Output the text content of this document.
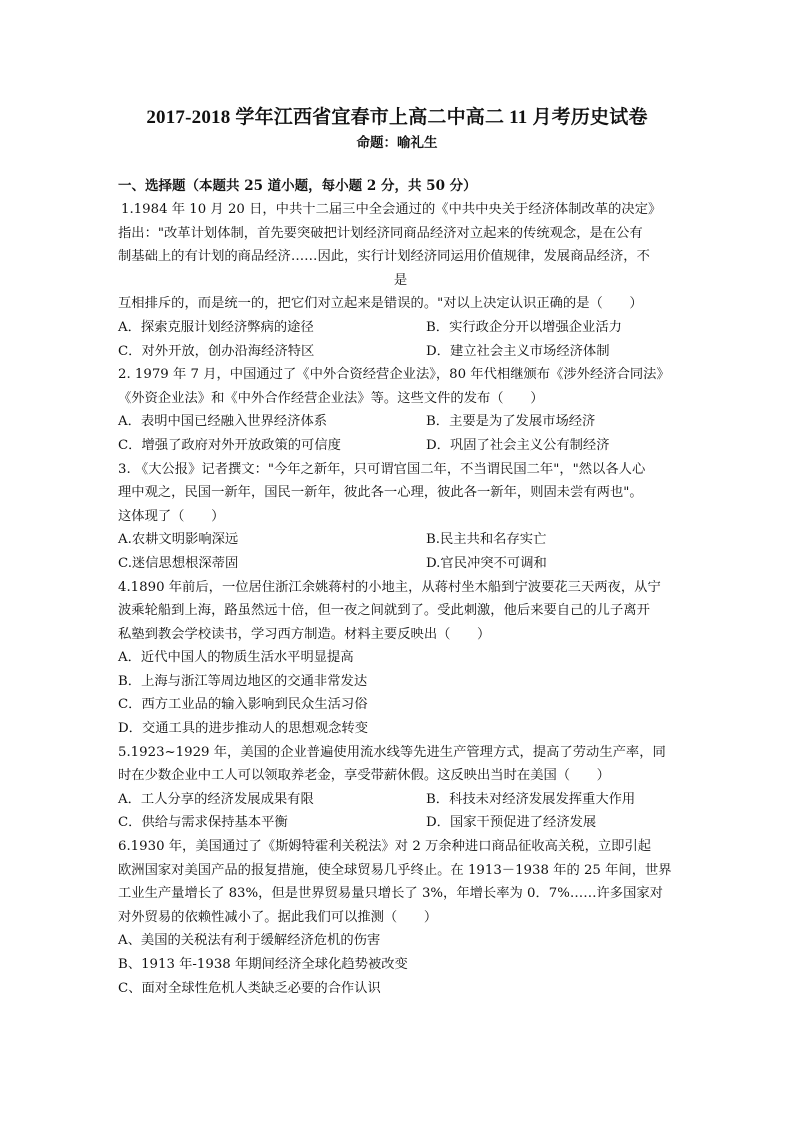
2017-2018 学年江西省宜春市上高二中高二 11 月考历史试卷
命题：喻礼生
一、选择题（本题共 25 道小题，每小题 2 分，共 50 分）
1.1984 年 10 月 20 日，中共十二届三中全会通过的《中共中央关于经济体制改革的决定》
指出："改革计划体制，首先要突破把计划经济同商品经济对立起来的传统观念，是在公有
制基础上的有计划的商品经济……因此，实行计划经济同运用价值规律，发展商品经济，不
是
互相排斥的，而是统一的，把它们对立起来是错误的。"对以上决定认识正确的是（　　）
A．探索克服计划经济弊病的途径	B．实行政企分开以增强企业活力
C．对外开放，创办沿海经济特区	D．建立社会主义市场经济体制
2. 1979 年 7 月，中国通过了《中外合资经营企业法》，80 年代相继颁布《涉外经济合同法》
《外资企业法》和《中外合作经营企业法》等。这些文件的发布（　　）
A．表明中国已经融入世界经济体系	B．主要是为了发展市场经济
C．增强了政府对外开放政策的可信度	D．巩固了社会主义公有制经济
3. 《大公报》记者撰文："今年之新年，只可谓官国二年，不当谓民国二年"，"然以各人心
理中观之，民国一新年，国民一新年，彼此各一心理，彼此各一新年，则固未尝有两也"。
这体现了（　　）
A.农耕文明影响深远	B.民主共和名存实亡
C.迷信思想根深蒂固	D.官民冲突不可调和
4.1890 年前后，一位居住浙江余姚蒋村的小地主，从蒋村坐木船到宁波要花三天两夜，从宁
波乘轮船到上海，路虽然远十倍，但一夜之间就到了。受此刺激，他后来要自己的儿子离开
私塾到教会学校读书，学习西方制造。材料主要反映出（　　）
A．近代中国人的物质生活水平明显提高
B．上海与浙江等周边地区的交通非常发达
C．西方工业品的输入影响到民众生活习俗
D．交通工具的进步推动人的思想观念转变
5.1923~1929 年，美国的企业普遍使用流水线等先进生产管理方式，提高了劳动生产率，同
时在少数企业中工人可以领取养老金，享受带薪休假。这反映出当时在美国（　　）
A．工人分享的经济发展成果有限	B．科技未对经济发展发挥重大作用
C．供给与需求保持基本平衡	D．国家干预促进了经济发展
6.1930 年，美国通过了《斯姆特霍利关税法》对 2 万余种进口商品征收高关税，立即引起
欧洲国家对美国产品的报复措施，使全球贸易几乎终止。在 1913－1938 年的 25 年间，世界
工业生产量增长了 83%，但是世界贸易量只增长了 3%，年增长率为 0．7%……许多国家对
对外贸易的依赖性减小了。据此我们可以推测（　　）
A、美国的关税法有利于缓解经济危机的伤害
B、1913 年-1938 年期间经济全球化趋势被改变
C、面对全球性危机人类缺乏必要的合作认识
